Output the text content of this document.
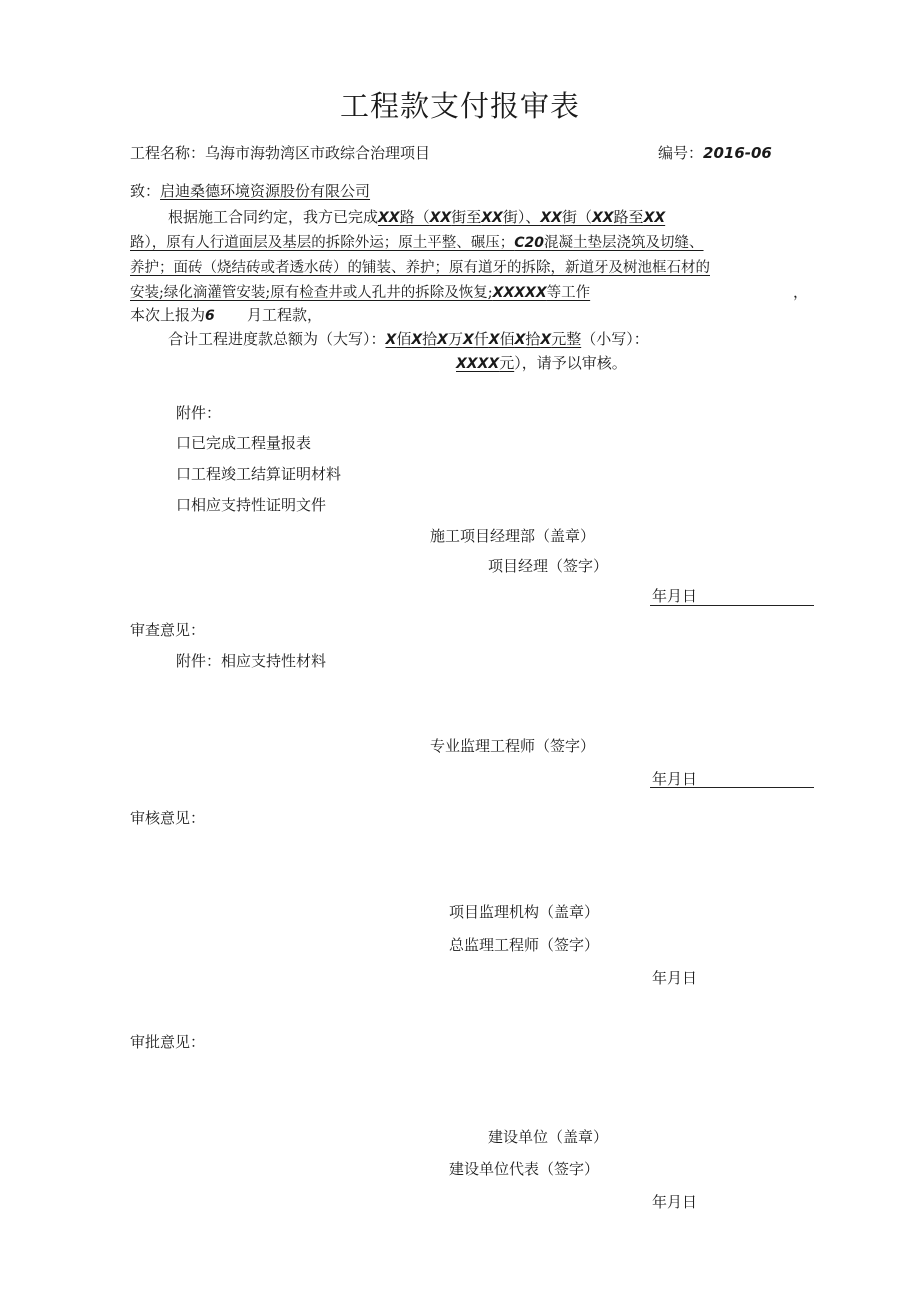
工程款支付报审表
工程名称：乌海市海勃湾区市政综合治理项目	编号：2016-06
致：启迪桑德环境资源股份有限公司
根据施工合同约定，我方已完成XX路（XX街至XX街）、XX街（XX路至XX
路），原有人行道面层及基层的拆除外运；原土平整、碾压；C20混凝土垫层浇筑及切缝、
养护；面砖（烧结砖或者透水砖）的铺装、养护；原有道牙的拆除，新道牙及树池框石材的
安装;绿化滴灌管安装;原有检查井或人孔井的拆除及恢复;XXXXX等工作	，
本次上报为6 月工程款，
合计工程进度款总额为（大写）：X佰X拾X万X仟X佰X拾X元整（小写）：
XXXX元），请予以审核。
附件：
口已完成工程量报表
口工程竣工结算证明材料
口相应支持性证明文件
施工项目经理部（盖章）
项目经理（签字）
年月日
审查意见：
附件：相应支持性材料
专业监理工程师（签字）
年月日
审核意见：
项目监理机构（盖章）
总监理工程师（签字）
年月日
审批意见：
建设单位（盖章）
建设单位代表（签字）
年月日
